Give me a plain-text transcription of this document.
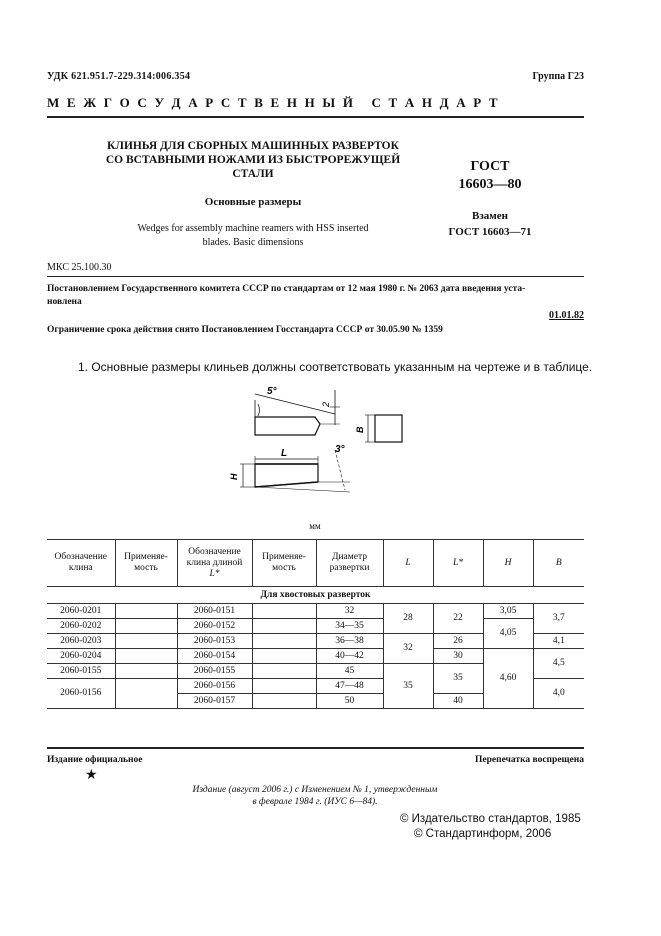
УДК 621.951.7-229.314:006.354	Группа Г23
М Е Ж Г О С У Д А Р С Т В Е Н Н Ы Й   С Т А Н Д А Р Т
КЛИНЬЯ ДЛЯ СБОРНЫХ МАШИННЫХ РАЗВЕРТОК
СО ВСТАВНЫМИ НОЖАМИ ИЗ БЫСТРОРЕЖУЩЕЙ
СТАЛИ
Основные размеры
Wedges for assembly machine reamers with HSS inserted
blades. Basic dimensions
ГОСТ
16603—80
Взамен
ГОСТ 16603—71
МКС 25.100.30
Постановлением Государственного комитета СССР по стандартам от 12 мая 1980 г. № 2063 дата введения уста-
новлена
01.01.82
Ограничение срока действия снято Постановлением Госстандарта СССР от 30.05.90 № 1359
1. Основные размеры клиньев должны соответствовать указанным на чертеже и в таблице.
5°
2
3°
B
L
H
мм
Обозначение
клина	Применяе-
мость	Обозначение
клина длиной
L*	Применяе-
мость	Диаметр
развертки	L	L*	H	B
Для хвостовых разверток								
2060-0201		2060-0151		32	28	22	3,05	3,7
2060-0202		2060-0152		34—35			4,05	
2060-0203		2060-0153		36—38	32	26		4,1
2060-0204		2060-0154		40—42		30	4,60	4,5
2060-0155		2060-0155		45	35	35		
2060-0156		2060-0156		47—48				4,0
		2060-0157		50		40		
Издание официальное	Перепечатка воспрещена
★
Издание (август 2006 г.) с Изменением № 1, утвержденным
в феврале 1984 г. (ИУС 6—84).
© Издательство стандартов, 1985
© Стандартинформ, 2006
